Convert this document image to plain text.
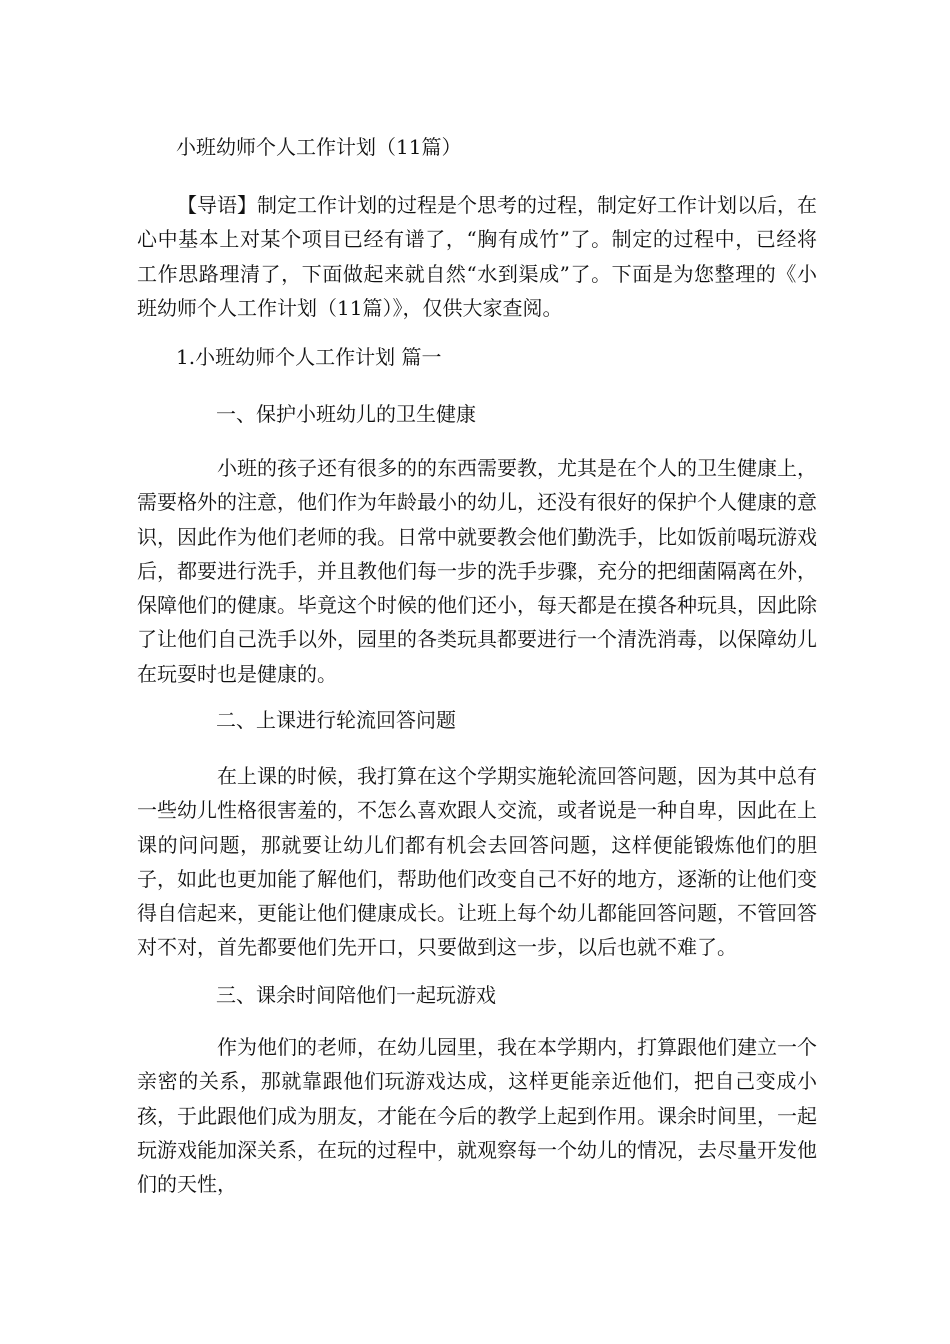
小班幼师个人工作计划（11篇）

【导语】制定工作计划的过程是个思考的过程，制定好工作计划以后，在心中基本上对某个项目已经有谱了，“胸有成竹”了。制定的过程中，已经将工作思路理清了，下面做起来就自然“水到渠成”了。下面是为您整理的《小班幼师个人工作计划（11篇）》，仅供大家查阅。

1.小班幼师个人工作计划 篇一
一、保护小班幼儿的卫生健康

小班的孩子还有很多的的东西需要教，尤其是在个人的卫生健康上，需要格外的注意，他们作为年龄最小的幼儿，还没有很好的保护个人健康的意识，因此作为他们老师的我。日常中就要教会他们勤洗手，比如饭前喝玩游戏后，都要进行洗手，并且教他们每一步的洗手步骤，充分的把细菌隔离在外，保障他们的健康。毕竟这个时候的他们还小，每天都是在摸各种玩具，因此除了让他们自己洗手以外，园里的各类玩具都要进行一个清洗消毒，以保障幼儿在玩耍时也是健康的。

二、上课进行轮流回答问题

在上课的时候，我打算在这个学期实施轮流回答问题，因为其中总有一些幼儿性格很害羞的，不怎么喜欢跟人交流，或者说是一种自卑，因此在上课的问问题，那就要让幼儿们都有机会去回答问题，这样便能锻炼他们的胆子，如此也更加能了解他们，帮助他们改变自己不好的地方，逐渐的让他们变得自信起来，更能让他们健康成长。让班上每个幼儿都能回答问题，不管回答对不对，首先都要他们先开口，只要做到这一步，以后也就不难了。

三、课余时间陪他们一起玩游戏

作为他们的老师，在幼儿园里，我在本学期内，打算跟他们建立一个亲密的关系，那就靠跟他们玩游戏达成，这样更能亲近他们，把自己变成小孩，于此跟他们成为朋友，才能在今后的教学上起到作用。课余时间里，一起玩游戏能加深关系，在玩的过程中，就观察每一个幼儿的情况，去尽量开发他们的天性，
